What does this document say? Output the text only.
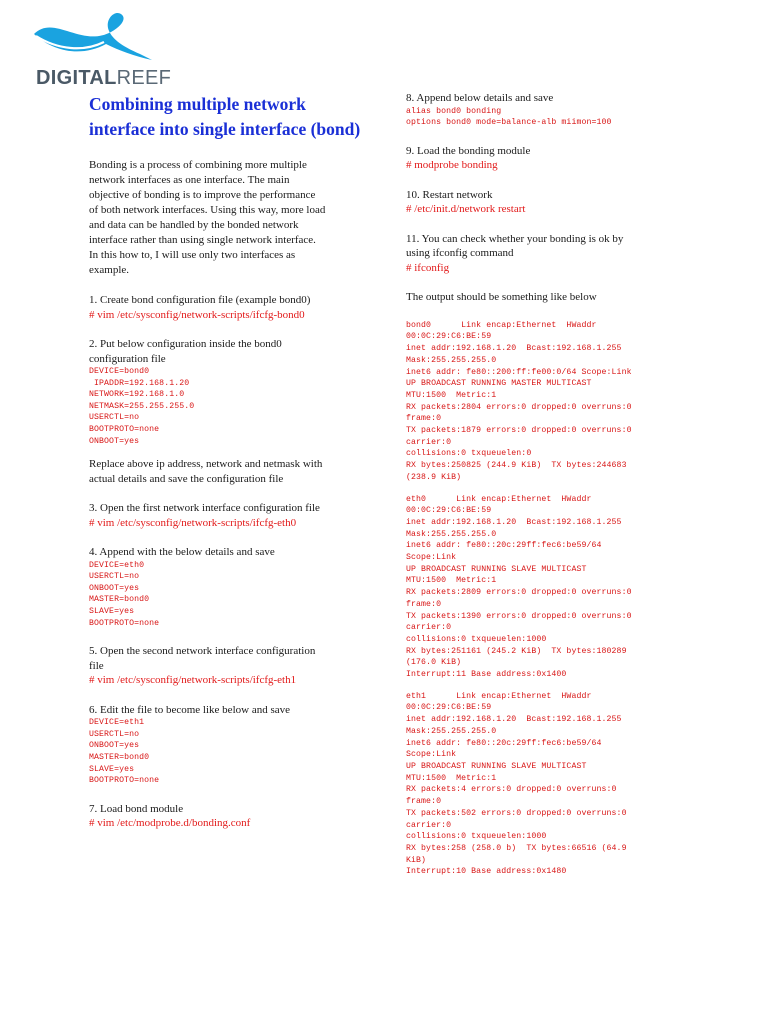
DIGITALREEF
Combining multiple network interface into single interface (bond)
Bonding is a process of combining more multiple
network interfaces as one interface. The main
objective of bonding is to improve the performance
of both network interfaces. Using this way, more load
and data can be handled by the bonded network
interface rather than using single network interface.
In this how to, I will use only two interfaces as
example.
1. Create bond configuration file (example bond0)
# vim /etc/sysconfig/network-scripts/ifcfg-bond0
2. Put below configuration inside the bond0
configuration file
DEVICE=bond0
IPADDR=192.168.1.20
NETWORK=192.168.1.0
NETMASK=255.255.255.0
USERCTL=no
BOOTPROTO=none
ONBOOT=yes
Replace above ip address, network and netmask with
actual details and save the configuration file
3. Open the first network interface configuration file
# vim /etc/sysconfig/network-scripts/ifcfg-eth0
4. Append with the below details and save
DEVICE=eth0
USERCTL=no
ONBOOT=yes
MASTER=bond0
SLAVE=yes
BOOTPROTO=none
5. Open the second network interface configuration
file
# vim /etc/sysconfig/network-scripts/ifcfg-eth1
6. Edit the file to become like below and save
DEVICE=eth1
USERCTL=no
ONBOOT=yes
MASTER=bond0
SLAVE=yes
BOOTPROTO=none
7. Load bond module
# vim /etc/modprobe.d/bonding.conf
8. Append below details and save
alias bond0 bonding
options bond0 mode=balance-alb miimon=100
9. Load the bonding module
# modprobe bonding
10. Restart network
# /etc/init.d/network restart
11. You can check whether your bonding is ok by
using ifconfig command
# ifconfig
The output should be something like below
bond0      Link encap:Ethernet  HWaddr
00:0C:29:C6:BE:59
inet addr:192.168.1.20  Bcast:192.168.1.255
Mask:255.255.255.0
inet6 addr: fe80::200:ff:fe00:0/64 Scope:Link
UP BROADCAST RUNNING MASTER MULTICAST
MTU:1500  Metric:1
RX packets:2804 errors:0 dropped:0 overruns:0
frame:0
TX packets:1879 errors:0 dropped:0 overruns:0
carrier:0
collisions:0 txqueuelen:0
RX bytes:250825 (244.9 KiB)  TX bytes:244683
(238.9 KiB)
eth0      Link encap:Ethernet  HWaddr
00:0C:29:C6:BE:59
inet addr:192.168.1.20  Bcast:192.168.1.255
Mask:255.255.255.0
inet6 addr: fe80::20c:29ff:fec6:be59/64
Scope:Link
UP BROADCAST RUNNING SLAVE MULTICAST
MTU:1500  Metric:1
RX packets:2809 errors:0 dropped:0 overruns:0
frame:0
TX packets:1390 errors:0 dropped:0 overruns:0
carrier:0
collisions:0 txqueuelen:1000
RX bytes:251161 (245.2 KiB)  TX bytes:180289
(176.0 KiB)
Interrupt:11 Base address:0x1400
eth1      Link encap:Ethernet  HWaddr
00:0C:29:C6:BE:59
inet addr:192.168.1.20  Bcast:192.168.1.255
Mask:255.255.255.0
inet6 addr: fe80::20c:29ff:fec6:be59/64
Scope:Link
UP BROADCAST RUNNING SLAVE MULTICAST
MTU:1500  Metric:1
RX packets:4 errors:0 dropped:0 overruns:0
frame:0
TX packets:502 errors:0 dropped:0 overruns:0
carrier:0
collisions:0 txqueuelen:1000
RX bytes:258 (258.0 b)  TX bytes:66516 (64.9
KiB)
Interrupt:10 Base address:0x1480
